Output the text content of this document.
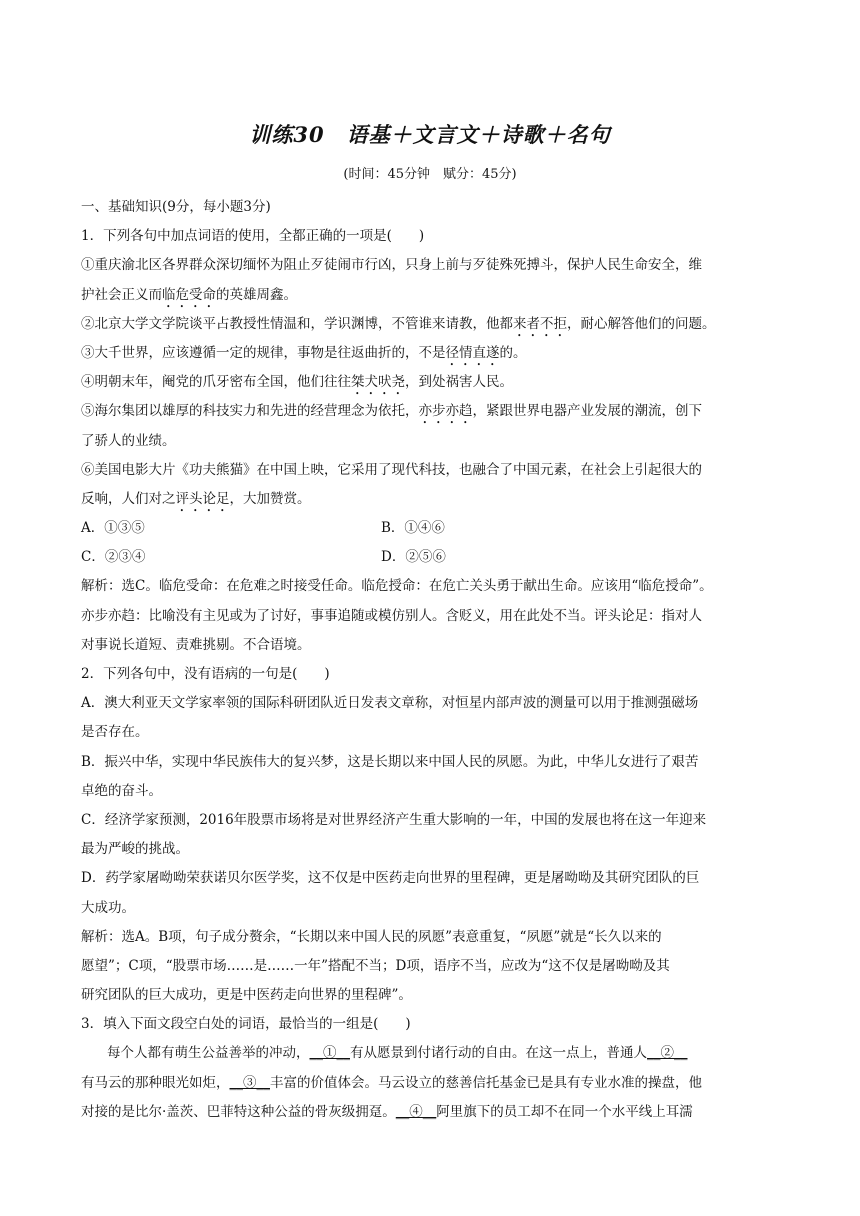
训练30　语基＋文言文＋诗歌＋名句
(时间：45分钟　赋分：45分)
一、基础知识(9分，每小题3分)
1．下列各句中加点词语的使用，全都正确的一项是(　　)
①重庆渝北区各界群众深切缅怀为阻止歹徒闹市行凶，只身上前与歹徒殊死搏斗，保护人民生命安全，维
护社会正义而临危受命的英雄周鑫。
②北京大学文学院谈平占教授性情温和，学识渊博，不管谁来请教，他都来者不拒，耐心解答他们的问题。
③大千世界，应该遵循一定的规律，事物是往返曲折的，不是径情直遂的。
④明朝末年，阉党的爪牙密布全国，他们往往桀犬吠尧，到处祸害人民。
⑤海尔集团以雄厚的科技实力和先进的经营理念为依托，亦步亦趋，紧跟世界电器产业发展的潮流，创下
了骄人的业绩。
⑥美国电影大片《功夫熊猫》在中国上映，它采用了现代科技，也融合了中国元素，在社会上引起很大的
反响，人们对之评头论足，大加赞赏。
A．①③⑤	B．①④⑥
C．②③④	D．②⑤⑥
解析：选C。临危受命：在危难之时接受任命。临危授命：在危亡关头勇于献出生命。应该用“临危授命”。
亦步亦趋：比喻没有主见或为了讨好，事事追随或模仿别人。含贬义，用在此处不当。评头论足：指对人
对事说长道短、责难挑剔。不合语境。
2．下列各句中，没有语病的一句是(　　)
A．澳大利亚天文学家率领的国际科研团队近日发表文章称，对恒星内部声波的测量可以用于推测强磁场
是否存在。
B．振兴中华，实现中华民族伟大的复兴梦，这是长期以来中国人民的夙愿。为此，中华儿女进行了艰苦
卓绝的奋斗。
C．经济学家预测，2016年股票市场将是对世界经济产生重大影响的一年，中国的发展也将在这一年迎来
最为严峻的挑战。
D．药学家屠呦呦荣获诺贝尔医学奖，这不仅是中医药走向世界的里程碑，更是屠呦呦及其研究团队的巨
大成功。
解析：选A。B项，句子成分赘余，“长期以来中国人民的夙愿”表意重复，“夙愿”就是“长久以来的
愿望”；C项，“股票市场……是……一年”搭配不当；D项，语序不当，应改为“这不仅是屠呦呦及其
研究团队的巨大成功，更是中医药走向世界的里程碑”。
3．填入下面文段空白处的词语，最恰当的一组是(　　)
每个人都有萌生公益善举的冲动，__①__有从愿景到付诸行动的自由。在这一点上，普通人__②__
有马云的那种眼光如炬，__③__丰富的价值体会。马云设立的慈善信托基金已是具有专业水准的操盘，他
对接的是比尔·盖茨、巴菲特这种公益的骨灰级拥趸。__④__阿里旗下的员工却不在同一个水平线上耳濡
